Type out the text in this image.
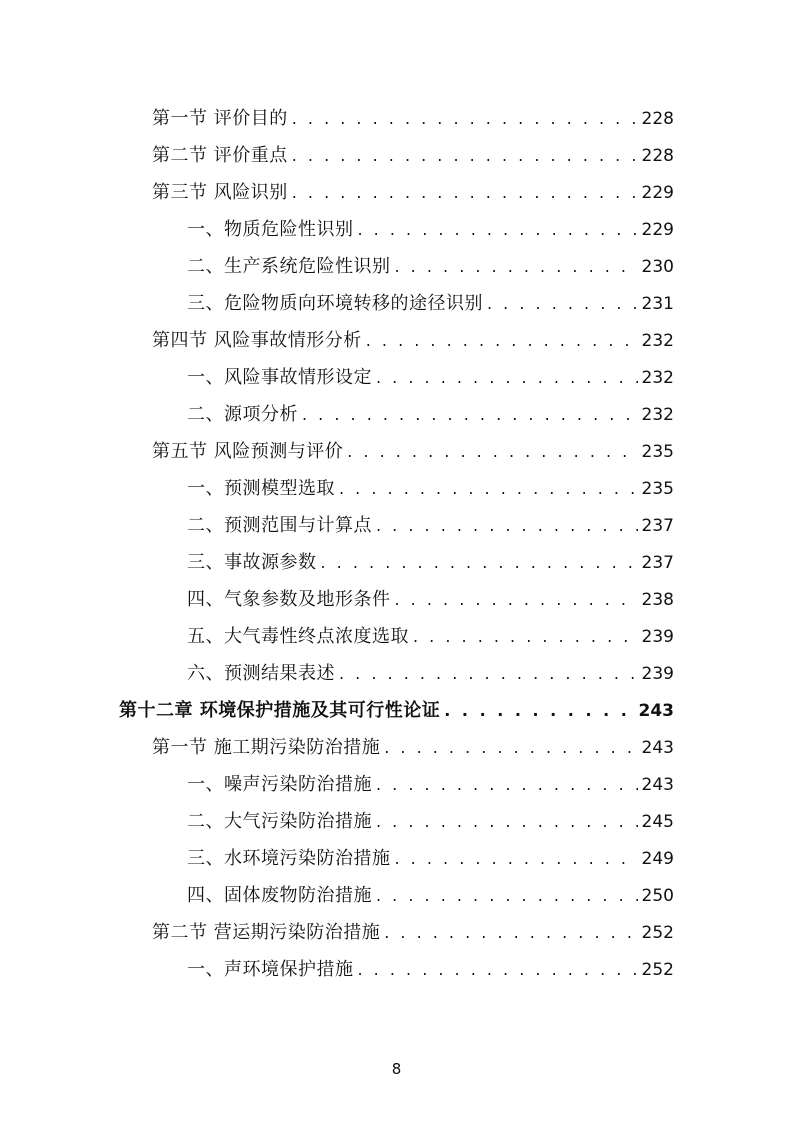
第一节 评价目的 . . .	228
第二节 评价重点 . . .	228
第三节 风险识别 . . .	229
一、物质危险性识别 . . .	229
二、生产系统危险性识别 . . .	230
三、危险物质向环境转移的途径识别 . . .	231
第四节 风险事故情形分析 . . .	232
一、风险事故情形设定 . . .	232
二、源项分析 . . .	232
第五节 风险预测与评价 . . .	235
一、预测模型选取 . . .	235
二、预测范围与计算点 . . .	237
三、事故源参数 . . .	237
四、气象参数及地形条件 . . .	238
五、大气毒性终点浓度选取 . . .	239
六、预测结果表述 . . .	239
第十二章 环境保护措施及其可行性论证 . . .	243
第一节 施工期污染防治措施 . . .	243
一、噪声污染防治措施 . . .	243
二、大气污染防治措施 . . .	245
三、水环境污染防治措施 . . .	249
四、固体废物防治措施 . . .	250
第二节 营运期污染防治措施 . . .	252
一、声环境保护措施 . . .	252
8
